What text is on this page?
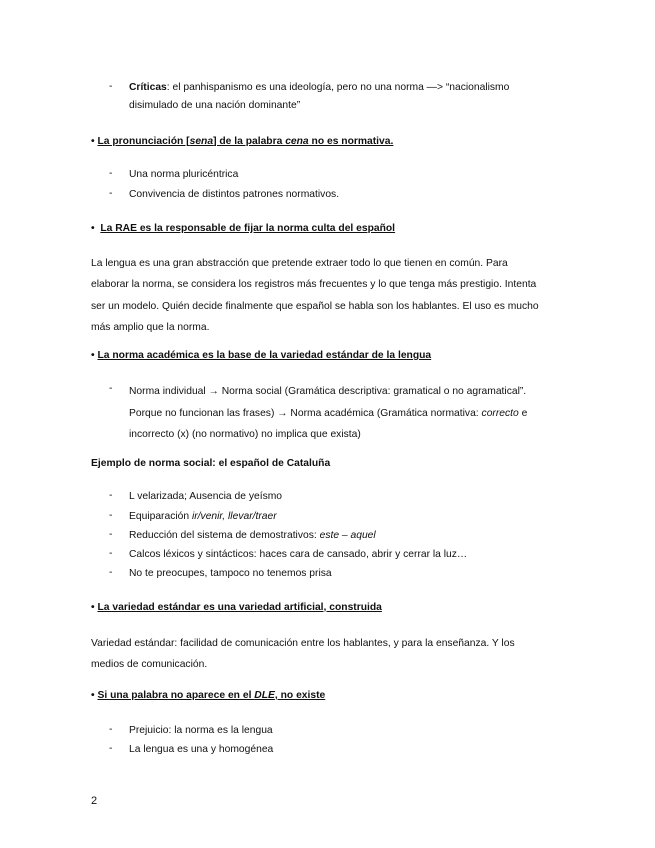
-	Críticas: el panhispanismo es una ideología, pero no una norma —> “nacionalismo
disimulado de una nación dominante”

• La pronunciación [sena] de la palabra cena no es normativa.

-	Una norma pluricéntrica

-	Convivencia de distintos patrones normativos.

• La RAE es la responsable de fijar la norma culta del español

La lengua es una gran abstracción que pretende extraer todo lo que tienen en común. Para
elaborar la norma, se considera los registros más frecuentes y lo que tenga más prestigio. Intenta
ser un modelo. Quién decide finalmente que español se habla son los hablantes. El uso es mucho
más amplio que la norma.

• La norma académica es la base de la variedad estándar de la lengua

-	Norma individual → Norma social (Gramática descriptiva: gramatical o no agramatical”.
Porque no funcionan las frases) → Norma académica (Gramática normativa: correcto e
incorrecto (x) (no normativo) no implica que exista)

Ejemplo de norma social: el español de Cataluña

-	L velarizada; Ausencia de yeísmo

-	Equiparación ir/venir, llevar/traer

-	Reducción del sistema de demostrativos: este – aquel

-	Calcos léxicos y sintácticos: haces cara de cansado, abrir y cerrar la luz…

-	No te preocupes, tampoco no tenemos prisa

• La variedad estándar es una variedad artificial, construida

Variedad estándar: facilidad de comunicación entre los hablantes, y para la enseñanza. Y los
medios de comunicación.

• Si una palabra no aparece en el DLE, no existe

-	Prejuicio: la norma es la lengua

-	La lengua es una y homogénea

2
